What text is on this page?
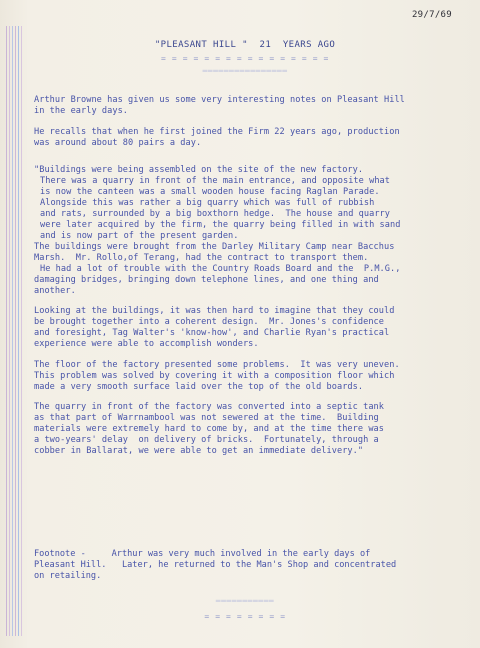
29/7/69
"PLEASANT HILL "  21  YEARS AGO
= = = = = = = = = = = = = = = =
▬▬▬▬▬▬▬▬▬▬▬▬▬▬▬▬

Arthur Browne has given us some very interesting notes on Pleasant Hill

in the early days.

He recalls that when he first joined the Firm 22 years ago, production

was around about 80 pairs a day.

"Buildings were being assembled on the site of the new factory.

There was a quarry in front of the main entrance, and opposite what

is now the canteen was a small wooden house facing Raglan Parade.

Alongside this was rather a big quarry which was full of rubbish

and rats, surrounded by a big boxthorn hedge.  The house and quarry

were later acquired by the firm, the quarry being filled in with sand

and is now part of the present garden.

The buildings were brought from the Darley Military Camp near Bacchus

Marsh.  Mr. Rollo,of Terang, had the contract to transport them.

He had a lot of trouble with the Country Roads Board and the  P.M.G.,

damaging bridges, bringing down telephone lines, and one thing and

another.

Looking at the buildings, it was then hard to imagine that they could

be brought together into a coherent design.  Mr. Jones's confidence

and foresight, Tag Walter's 'know-how', and Charlie Ryan's practical

experience were able to accomplish wonders.

The floor of the factory presented some problems.  It was very uneven.

This problem was solved by covering it with a composition floor which

made a very smooth surface laid over the top of the old boards.

The quarry in front of the factory was converted into a septic tank

as that part of Warrnambool was not sewered at the time.  Building

materials were extremely hard to come by, and at the time there was

a two-years' delay  on delivery of bricks.  Fortunately, through a

cobber in Ballarat, we were able to get an immediate delivery."

Footnote -     Arthur was very much involved in the early days of
Pleasant Hill.   Later, he returned to the Man's Shop and concentrated
on retailing.
▬▬▬▬▬▬▬▬▬▬▬
= = = = = = = =
